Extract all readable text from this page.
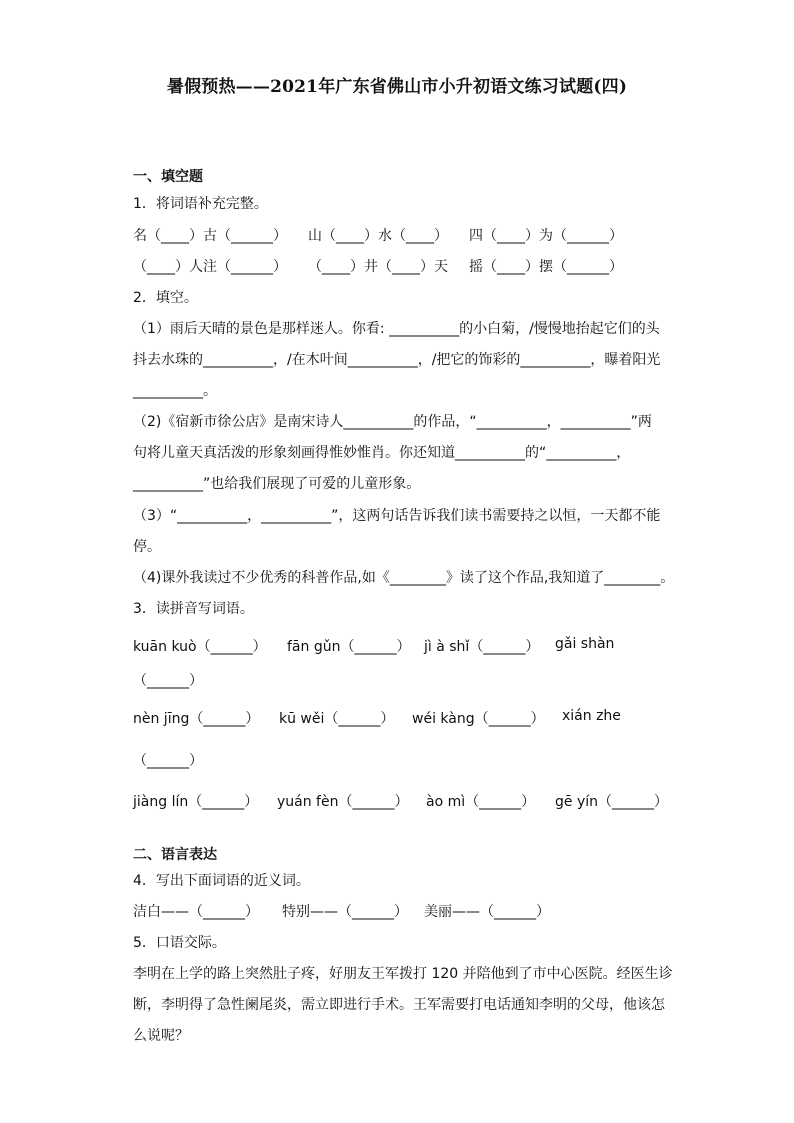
暑假预热——2021年广东省佛山市小升初语文练习试题(四)
一、填空题
1．将词语补充完整。
名（____）古（______） 山（____）水（____） 四（____）为（______）
（____）人注（______） （____）井（____）天 摇（____）摆（______）
2．填空。
（1）雨后天晴的景色是那样迷人。你看: __________的小白菊，/慢慢地抬起它们的头
抖去水珠的__________，/在木叶间__________，/把它的饰彩的__________，曝着阳光
__________。
（2)《宿新市徐公店》是南宋诗人__________的作品，“__________，__________”两
句将儿童天真活泼的形象刻画得惟妙惟肖。你还知道__________的“__________，
__________”也给我们展现了可爱的儿童形象。
（3）“__________，__________”，这两句话告诉我们读书需要持之以恒，一天都不能
停。
（4)课外我读过不少优秀的科普作品,如《________》读了这个作品,我知道了________。
3．读拼音写词语。
kuān kuò（______） fān gǔn（______） jì à shǐ（______） gǎi shàn
（______）
nèn jīng（______） kū wěi（______） wéi kàng（______） xián zhe
（______）
jiàng lín（______） yuán fèn（______） ào mì（______） gē yín（______）
二、语言表达
4．写出下面词语的近义词。
洁白——（______） 特别——（______） 美丽——（______）
5．口语交际。
李明在上学的路上突然肚子疼，好朋友王军拨打 120 并陪他到了市中心医院。经医生诊
断，李明得了急性阑尾炎，需立即进行手术。王军需要打电话通知李明的父母，他该怎
么说呢？
